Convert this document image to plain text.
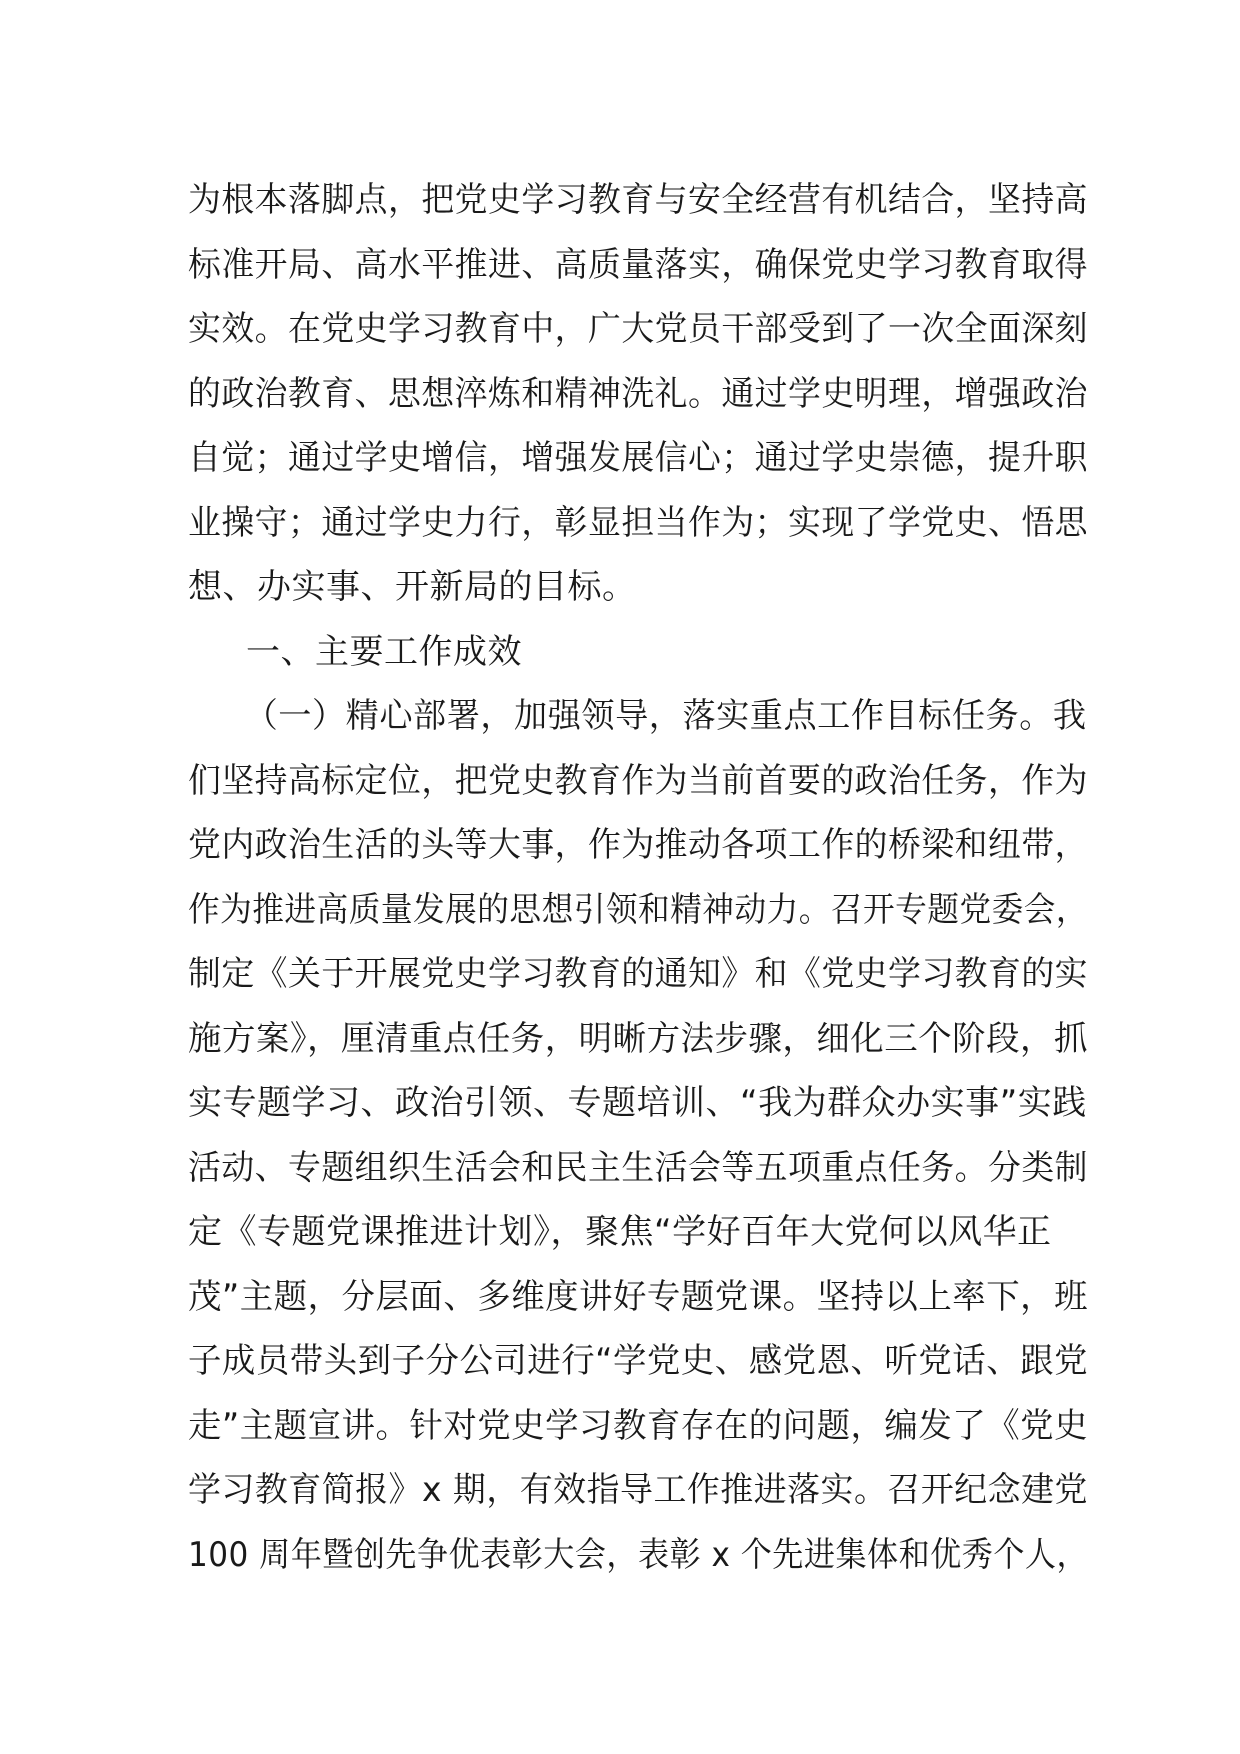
为根本落脚点，把党史学习教育与安全经营有机结合，坚持高
标准开局、高水平推进、高质量落实，确保党史学习教育取得
实效。在党史学习教育中，广大党员干部受到了一次全面深刻
的政治教育、思想淬炼和精神洗礼。通过学史明理，增强政治
自觉；通过学史增信，增强发展信心；通过学史崇德，提升职
业操守；通过学史力行，彰显担当作为；实现了学党史、悟思
想、办实事、开新局的目标。
一、主要工作成效
（一）精心部署，加强领导，落实重点工作目标任务。我
们坚持高标定位，把党史教育作为当前首要的政治任务，作为
党内政治生活的头等大事，作为推动各项工作的桥梁和纽带，
作为推进高质量发展的思想引领和精神动力。召开专题党委会，
制定《关于开展党史学习教育的通知》和《党史学习教育的实
施方案》，厘清重点任务，明晰方法步骤，细化三个阶段，抓
实专题学习、政治引领、专题培训、“我为群众办实事”实践
活动、专题组织生活会和民主生活会等五项重点任务。分类制
定《专题党课推进计划》，聚焦“学好百年大党何以风华正
茂”主题，分层面、多维度讲好专题党课。坚持以上率下，班
子成员带头到子分公司进行“学党史、感党恩、听党话、跟党
走”主题宣讲。针对党史学习教育存在的问题，编发了《党史
学习教育简报》x 期，有效指导工作推进落实。召开纪念建党
100 周年暨创先争优表彰大会，表彰 x 个先进集体和优秀个人，
